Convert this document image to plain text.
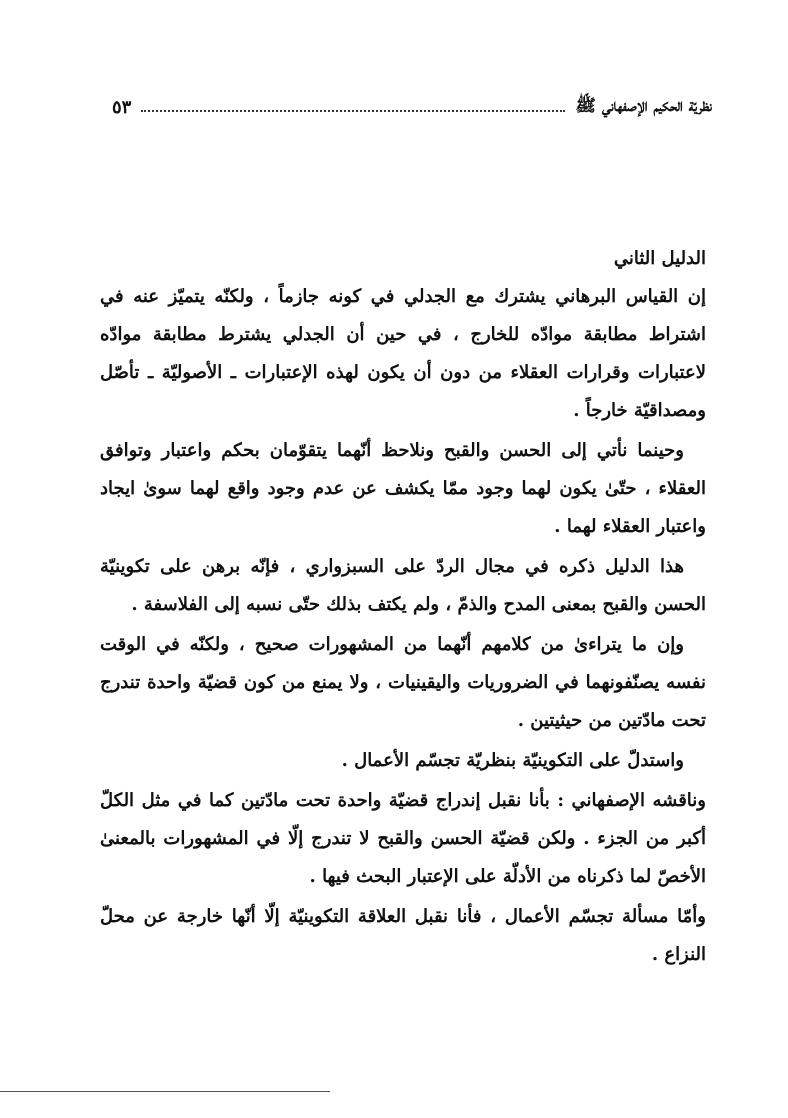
نظريّة الحكيم الإصفهاني ﷺ
٥٣
الدليل الثاني

إن القياس البرهاني يشترك مع الجدلي في كونه جازماً ، ولكنّه يتميّز عنه في اشتراط مطابقة موادّه للخارج ، في حين أن الجدلي يشترط مطابقة موادّه لاعتبارات وقرارات العقلاء من دون أن يكون لهذه الإعتبارات ـ الأصوليّة ـ تأصّل ومصداقيّة خارجاً .

وحينما نأتي إلى الحسن والقبح ونلاحظ أنّهما يتقوّمان بحكم واعتبار وتوافق العقلاء ، حتّىٰ يكون لهما وجود ممّا يكشف عن عدم وجود واقع لهما سوىٰ ايجاد واعتبار العقلاء لهما .

هذا الدليل ذكره في مجال الردّ على السبزواري ، فإنّه برهن على تكوينيّة الحسن والقبح بمعنى المدح والذمّ ، ولم يكتف بذلك حتّى نسبه إلى الفلاسفة .

وإن ما يتراءىٰ من كلامهم أنّهما من المشهورات صحيح ، ولكنّه في الوقت نفسه يصنّفونهما في الضروريات واليقينيات ، ولا يمنع من كون قضيّة واحدة تندرج تحت مادّتين من حيثيتين .

واستدلّ على التكوينيّة بنظريّة تجسّم الأعمال .

وناقشه الإصفهاني : بأنا نقبل إندراج قضيّة واحدة تحت مادّتين كما في مثل الكلّ أكبر من الجزء . ولكن قضيّة الحسن والقبح لا تندرج إلّا في المشهورات بالمعنىٰ الأخصّ لما ذكرناه من الأدلّة على الإعتبار البحث فيها .

وأمّا مسألة تجسّم الأعمال ، فأنا نقبل العلاقة التكوينيّة إلّا أنّها خارجة عن محلّ النزاع .
